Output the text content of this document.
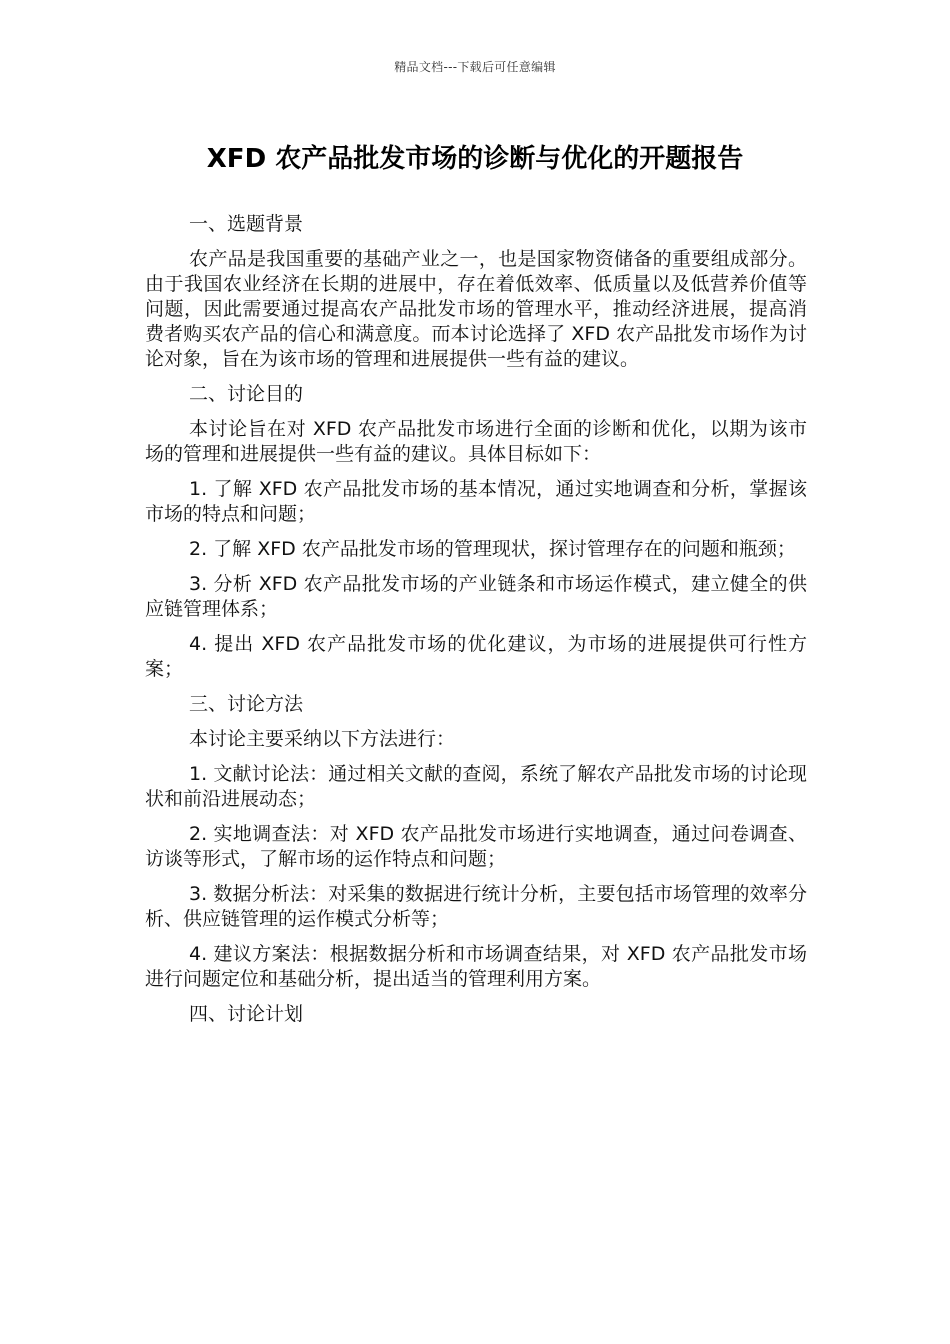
精品文档---下载后可任意编辑
XFD 农产品批发市场的诊断与优化的开题报告
一、选题背景

农产品是我国重要的基础产业之一，也是国家物资储备的重要组成部分。由于我国农业经济在长期的进展中，存在着低效率、低质量以及低营养价值等问题，因此需要通过提高农产品批发市场的管理水平，推动经济进展，提高消费者购买农产品的信心和满意度。而本讨论选择了 XFD 农产品批发市场作为讨论对象，旨在为该市场的管理和进展提供一些有益的建议。

二、讨论目的

本讨论旨在对 XFD 农产品批发市场进行全面的诊断和优化，以期为该市场的管理和进展提供一些有益的建议。具体目标如下：

1. 了解 XFD 农产品批发市场的基本情况，通过实地调查和分析，掌握该市场的特点和问题；

2. 了解 XFD 农产品批发市场的管理现状，探讨管理存在的问题和瓶颈；

3. 分析 XFD 农产品批发市场的产业链条和市场运作模式，建立健全的供应链管理体系；

4. 提出 XFD 农产品批发市场的优化建议，为市场的进展提供可行性方案；

三、讨论方法

本讨论主要采纳以下方法进行：

1. 文献讨论法：通过相关文献的查阅，系统了解农产品批发市场的讨论现状和前沿进展动态；

2. 实地调查法：对 XFD 农产品批发市场进行实地调查，通过问卷调查、访谈等形式，了解市场的运作特点和问题；

3. 数据分析法：对采集的数据进行统计分析，主要包括市场管理的效率分析、供应链管理的运作模式分析等；

4. 建议方案法：根据数据分析和市场调查结果，对 XFD 农产品批发市场进行问题定位和基础分析，提出适当的管理利用方案。

四、讨论计划
